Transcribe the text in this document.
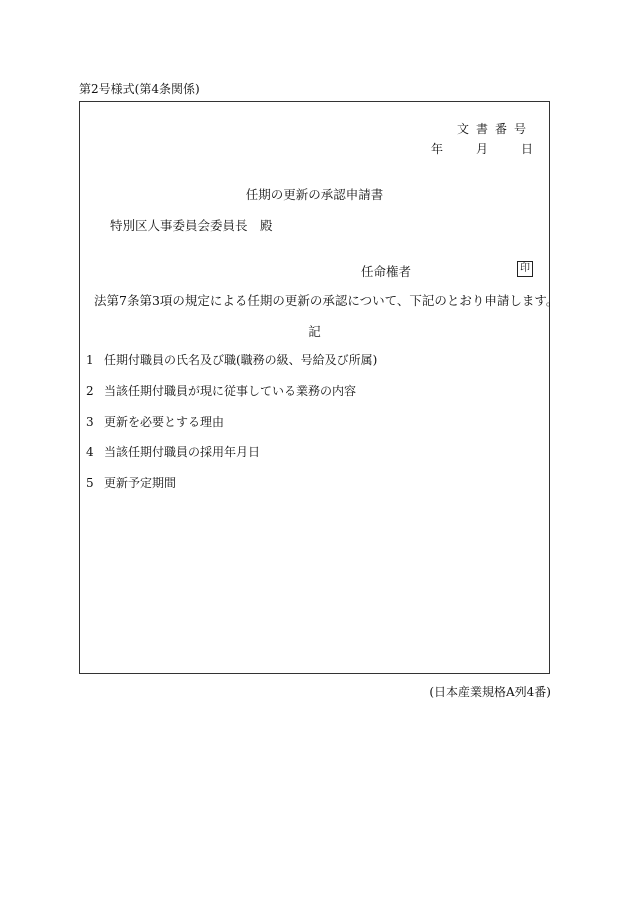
第2号様式(第4条関係)
文書番号
年	月	日
任期の更新の承認申請書
特別区人事委員会委員長　殿
任命権者	印
法第7条第3項の規定による任期の更新の承認について、下記のとおり申請します。
記
1 任期付職員の氏名及び職(職務の級、号給及び所属)
2 当該任期付職員が現に従事している業務の内容
3 更新を必要とする理由
4 当該任期付職員の採用年月日
5 更新予定期間
(日本産業規格A列4番)
